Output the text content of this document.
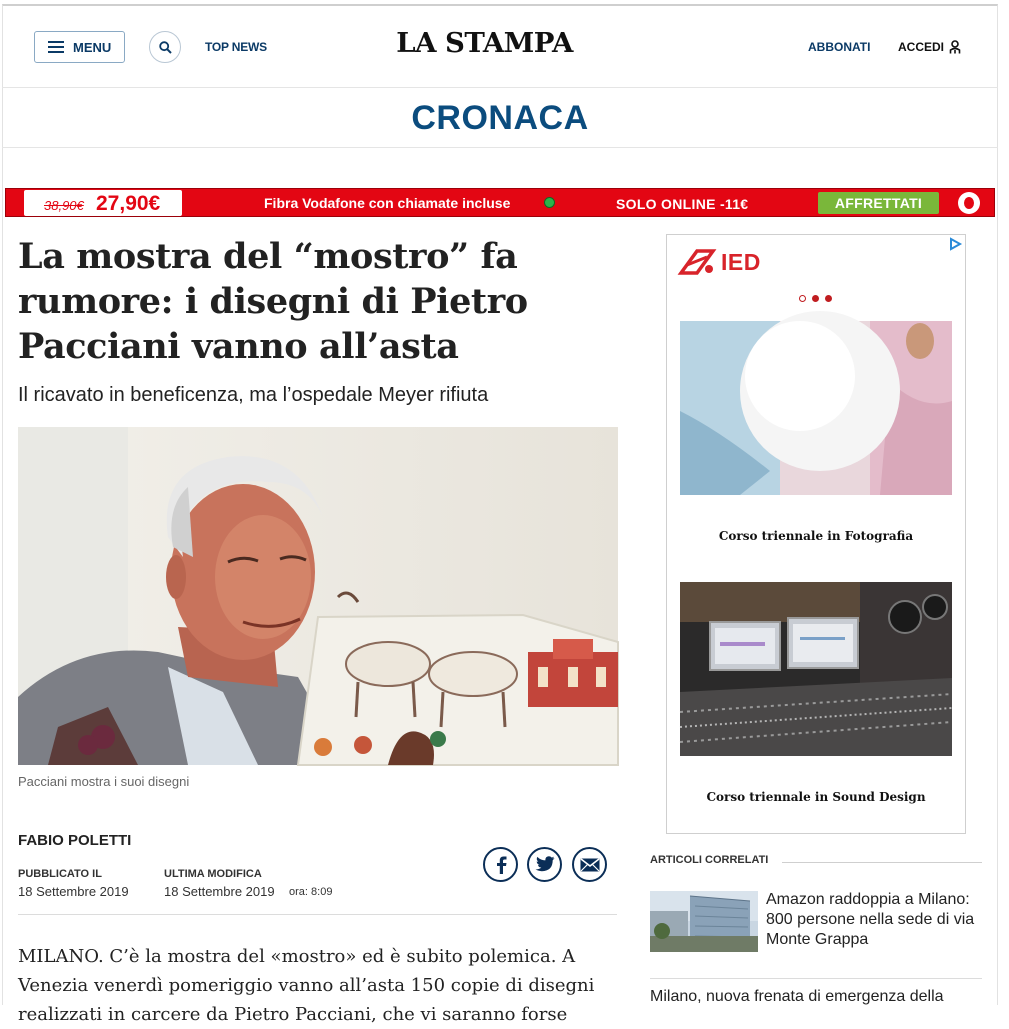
MENU	TOP NEWS	LA STAMPA	ABBONATI ACCEDI
CRONACA
38,90€ 27,90€	Fibra Vodafone con chiamate incluse	SOLO ONLINE -11€	AFFRETTATI
La mostra del “mostro” fa rumore: i disegni di Pietro Pacciani vanno all’asta
Il ricavato in beneficenza, ma l’ospedale Meyer rifiuta
Pacciani mostra i suoi disegni
FABIO POLETTI
PUBBLICATO IL
18 Settembre 2019
ULTIMA MODIFICA
18 Settembre 2019 ora: 8:09
MILANO. C’è la mostra del «mostro» ed è subito polemica. A Venezia venerdì pomeriggio vanno all’asta 150 copie di disegni realizzati in carcere da Pietro Pacciani, che vi saranno forse
IED
Corso triennale in Fotografia
Corso triennale in Sound Design
ARTICOLI CORRELATI
Amazon raddoppia a Milano: 800 persone nella sede di via Monte Grappa
Milano, nuova frenata di emergenza della
